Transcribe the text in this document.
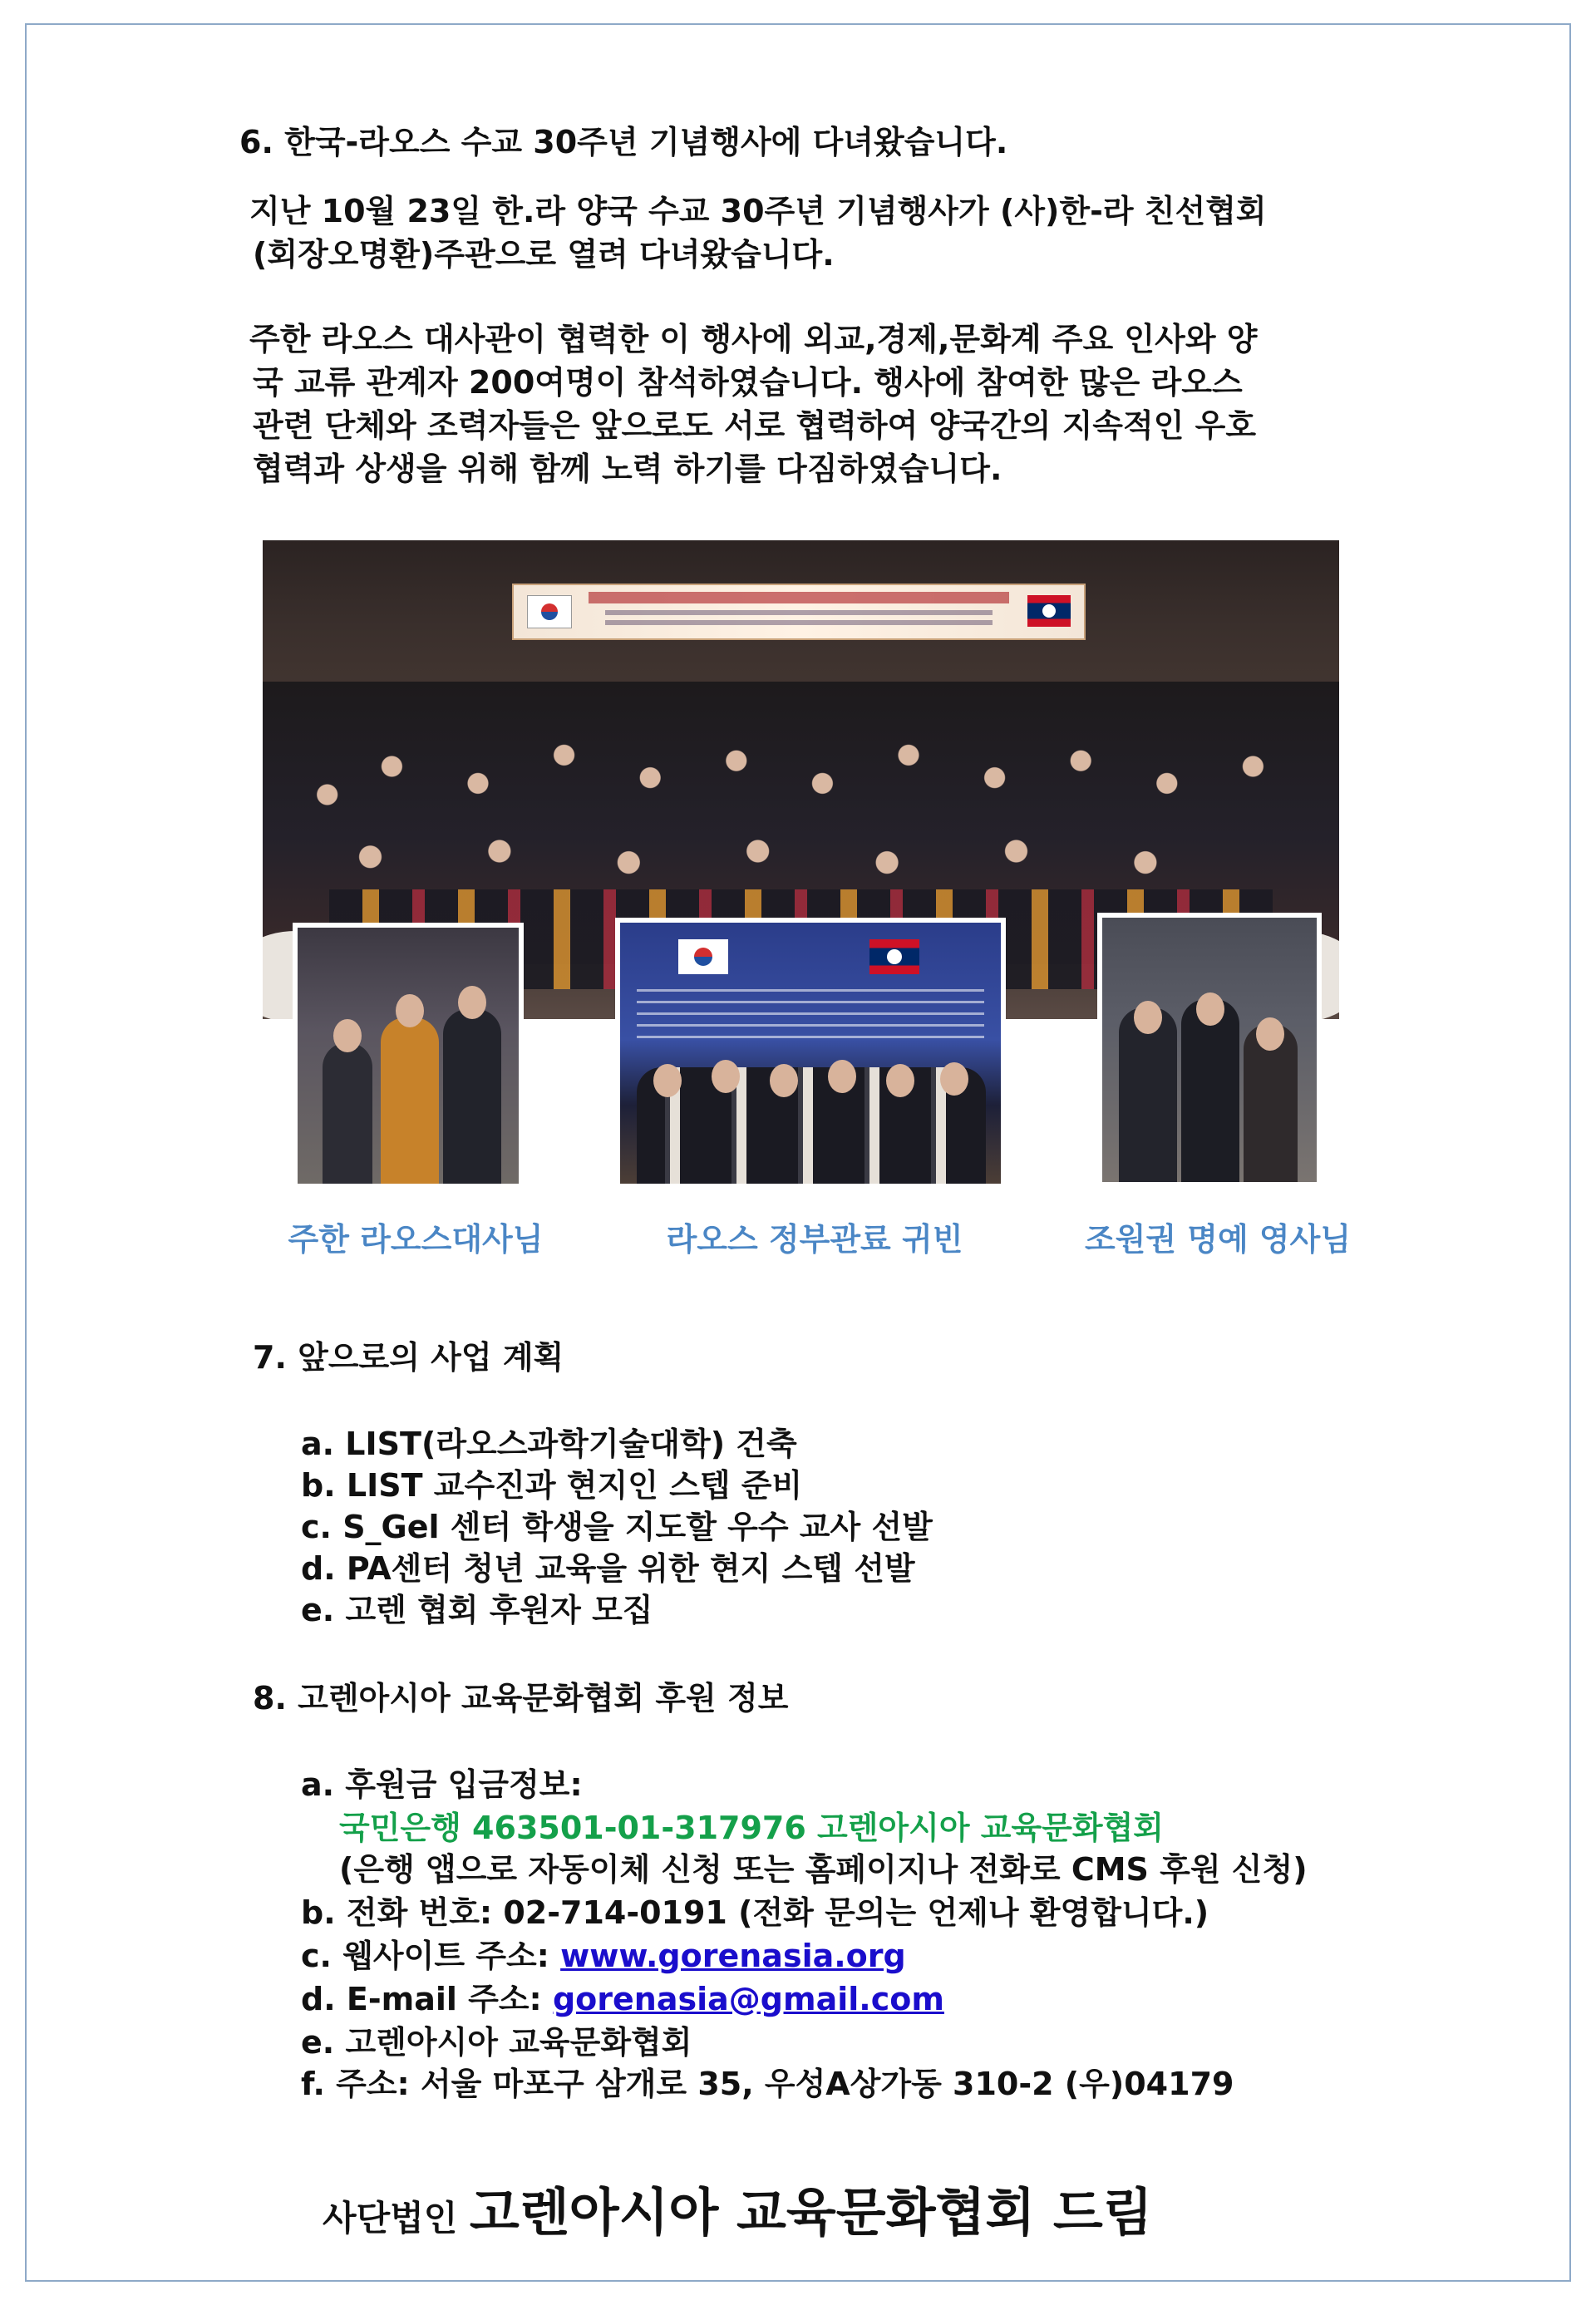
6. 한국-라오스 수교 30주년 기념행사에 다녀왔습니다.
지난 10월 23일 한.라 양국 수교 30주년 기념행사가 (사)한-라 친선협회
(회장오명환)주관으로 열려 다녀왔습니다.
주한 라오스 대사관이 협력한 이 행사에 외교,경제,문화계 주요 인사와 양
국 교류 관계자 200여명이 참석하였습니다. 행사에 참여한 많은 라오스
관련 단체와 조력자들은 앞으로도 서로 협력하여 양국간의 지속적인 우호
협력과 상생을 위해 함께 노력 하기를 다짐하였습니다.
주한 라오스대사님	라오스 정부관료 귀빈	조원권 명예 영사님
7. 앞으로의 사업 계획
a. LIST(라오스과학기술대학) 건축
b. LIST 교수진과 현지인 스텝 준비
c. S_Gel 센터 학생을 지도할 우수 교사 선발
d. PA센터 청년 교육을 위한 현지 스텝 선발
e. 고렌 협회 후원자 모집
8. 고렌아시아 교육문화협회 후원 정보
a. 후원금 입금정보:
국민은행 463501-01-317976 고렌아시아 교육문화협회
(은행 앱으로 자동이체 신청 또는 홈페이지나 전화로 CMS 후원 신청)
b. 전화 번호: 02-714-0191 (전화 문의는 언제나 환영합니다.)
c. 웹사이트 주소: www.gorenasia.org
d. E-mail 주소: gorenasia@gmail.com
e. 고렌아시아 교육문화협회
f. 주소: 서울 마포구 삼개로 35, 우성A상가동 310-2 (우)04179
사단법인 고렌아시아 교육문화협회 드림
